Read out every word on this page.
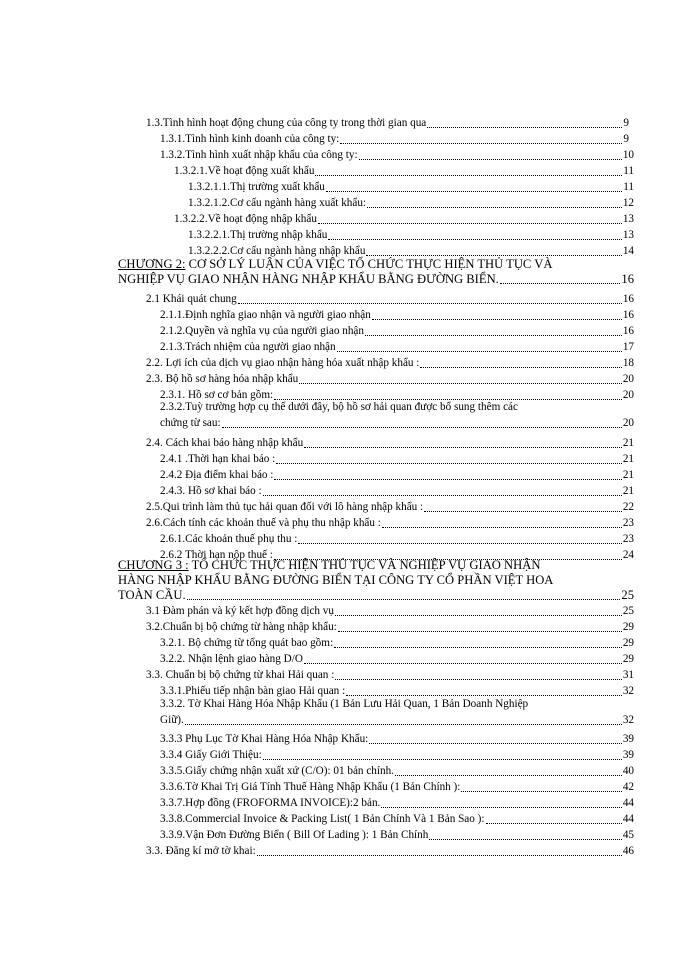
1.3.Tình hình hoạt động chung của công ty trong thời gian qua	9
1.3.1.Tình hình kinh doanh của công ty:	9
1.3.2.Tình hình xuất nhập khẩu của công ty:	10
1.3.2.1.Về hoạt động xuất khẩu	11
1.3.2.1.1.Thị trường xuất khẩu	11
1.3.2.1.2.Cơ cấu ngành hàng xuất khẩu:	12
1.3.2.2.Về hoạt động nhập khẩu	13
1.3.2.2.1.Thị trường nhập khẩu	13
1.3.2.2.2.Cơ cấu ngành hàng nhập khẩu	14
CHƯƠNG 2: CƠ SỞ LÝ LUẬN CỦA VIỆC TỔ CHỨC THỰC HIỆN THỦ TỤC VÀ
NGHIỆP VỤ GIAO NHẬN HÀNG NHẬP KHẨU BẰNG ĐƯỜNG BIỂN.	16
2.1 Khái quát chung	16
2.1.1.Định nghĩa giao nhận và người giao nhận	16
2.1.2.Quyền và nghĩa vụ của người giao nhận	16
2.1.3.Trách nhiệm của người giao nhận	17
2.2. Lợi ích của dịch vụ giao nhận hàng hóa xuất nhập khẩu :	18
2.3. Bộ hồ sơ hàng hóa nhập khẩu	20
2.3.1. Hồ sơ cơ bản gồm:	20
2.3.2.Tuỳ trường hợp cụ thể dưới đây, bộ hồ sơ hải quan được bổ sung thêm các
chứng từ sau:	20
2.4. Cách khai báo hàng nhập khẩu	21
2.4.1 .Thời hạn khai báo :	21
2.4.2 Địa điểm khai báo :	21
2.4.3. Hồ sơ khai báo :	21
2.5.Qui trình làm thủ tục hải quan đối với lô hàng nhập khẩu :	22
2.6.Cách tính các khoản thuế và phụ thu nhập khẩu :	23
2.6.1.Các khoản thuế phụ thu :	23
2.6.2 Thời hạn nộp thuế :	24
CHƯƠNG 3 : TỔ CHỨC THỰC HIỆN THỦ TỤC VÀ NGHIỆP VỤ GIAO NHẬN
HÀNG NHẬP KHẨU BẰNG ĐƯỜNG BIỂN TẠI CÔNG TY CỔ PHẦN VIỆT HOA
TOÀN CẦU.	25
3.1 Đàm phán và ký kết hợp đồng dịch vụ	25
3.2.Chuẩn bị bộ chứng từ hàng nhập khẩu:	29
3.2.1. Bộ chứng từ tổng quát bao gồm:	29
3.2.2. Nhận lệnh giao hàng D/O	29
3.3. Chuẩn bị bộ chứng từ khai Hải quan :	31
3.3.1.Phiếu tiếp nhận bàn giao Hải quan :	32
3.3.2. Tờ Khai Hàng Hóa Nhập Khẩu (1 Bản Lưu Hải Quan, 1 Bản Doanh Nghiệp
Giữ).	32
3.3.3 Phụ Lục Tờ Khai Hàng Hóa Nhập Khẩu:	39
3.3.4 Giấy Giới Thiệu:	39
3.3.5.Giấy chứng nhận xuất xứ (C/O): 01 bản chính.	40
3.3.6.Tờ Khai Trị Giá Tính Thuế Hàng Nhập Khẩu (1 Bản Chính ):	42
3.3.7.Hợp đồng (FROFORMA INVOICE):2 bản.	44
3.3.8.Commercial Invoice & Packing List( 1 Bản Chính Và 1 Bản Sao ):	44
3.3.9.Vận Đơn Đường Biển ( Bill Of Lading ): 1 Bản Chính	45
3.3. Đăng kí mở tờ khai:	46
